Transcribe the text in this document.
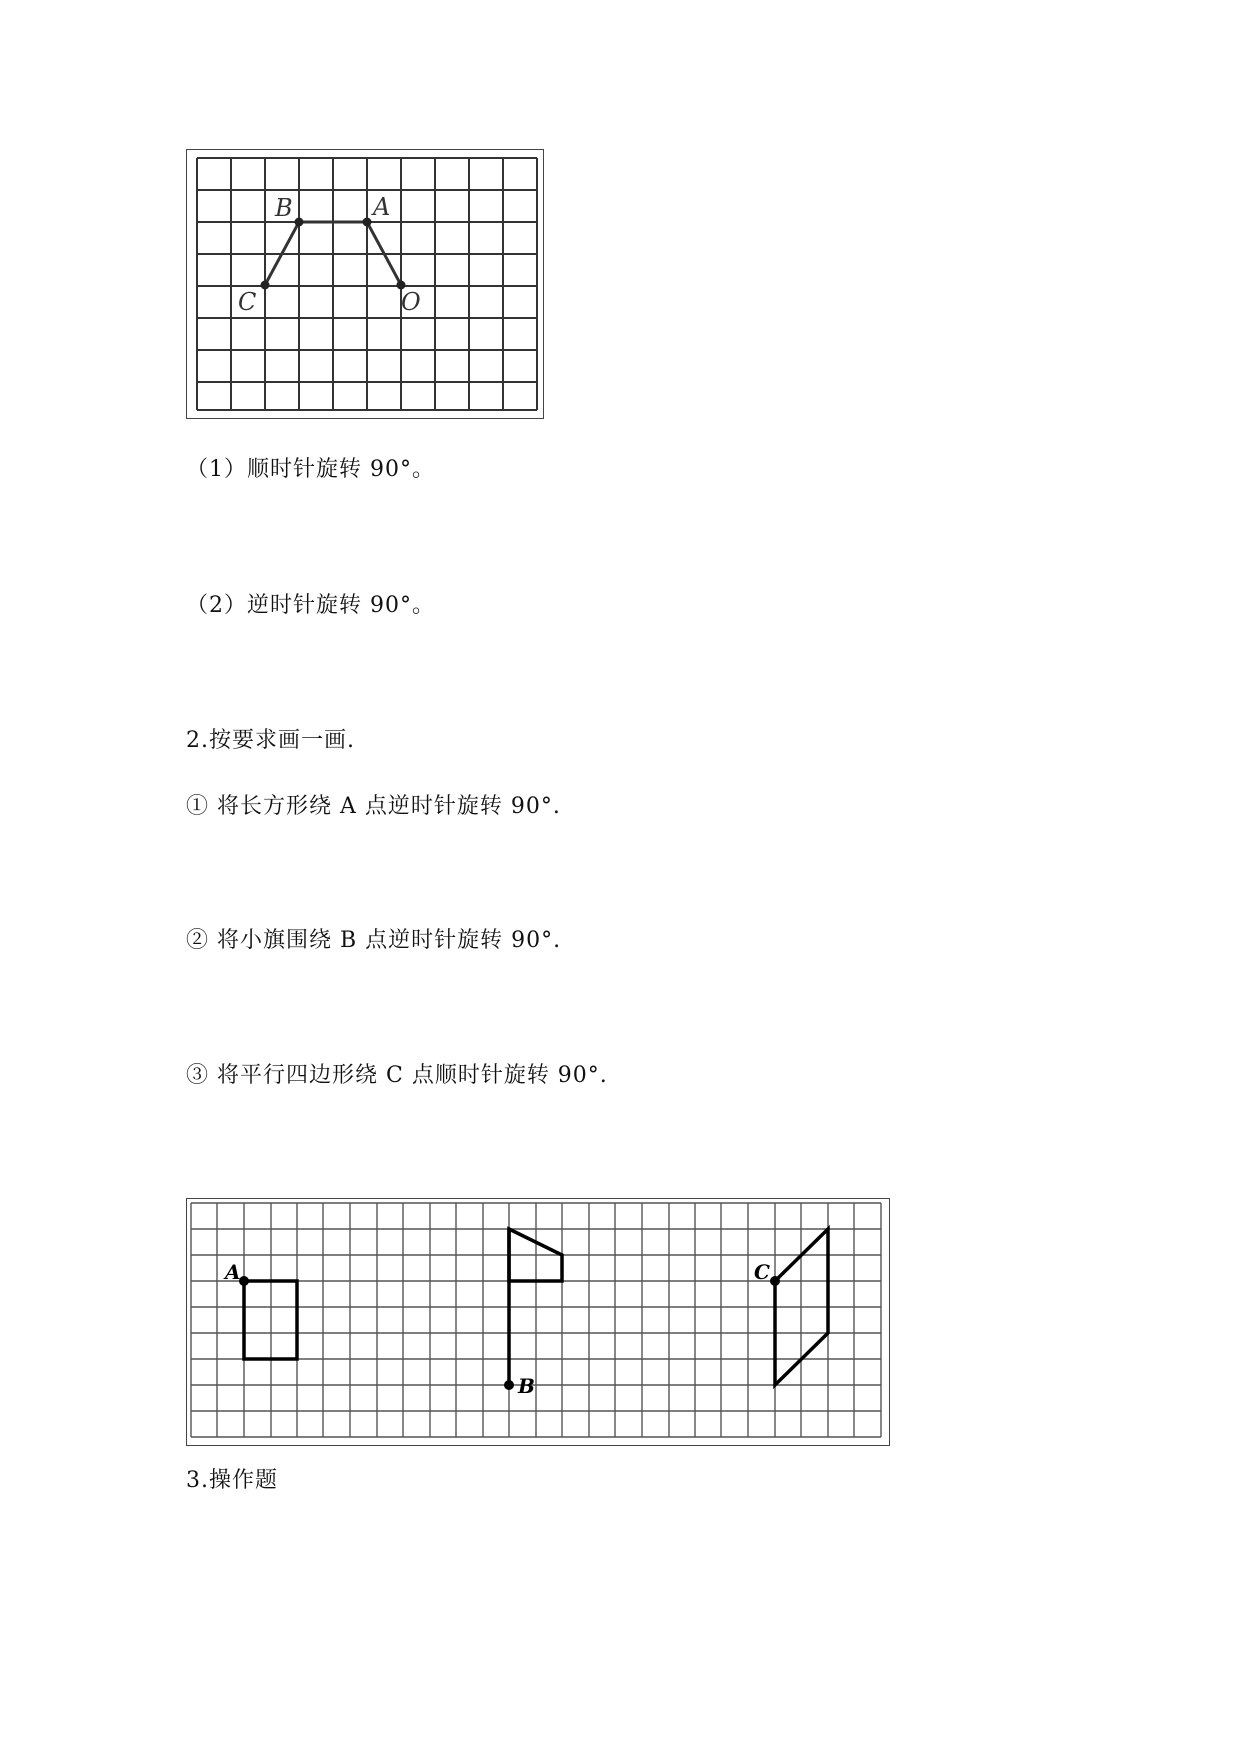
B	A
C	O
（1）顺时针旋转 90°。
（2）逆时针旋转 90°。
2.按要求画一画.
① 将长方形绕 A 点逆时针旋转 90°.
② 将小旗围绕 B 点逆时针旋转 90°.
③ 将平行四边形绕 C 点顺时针旋转 90°.
A
B
C
3.操作题
